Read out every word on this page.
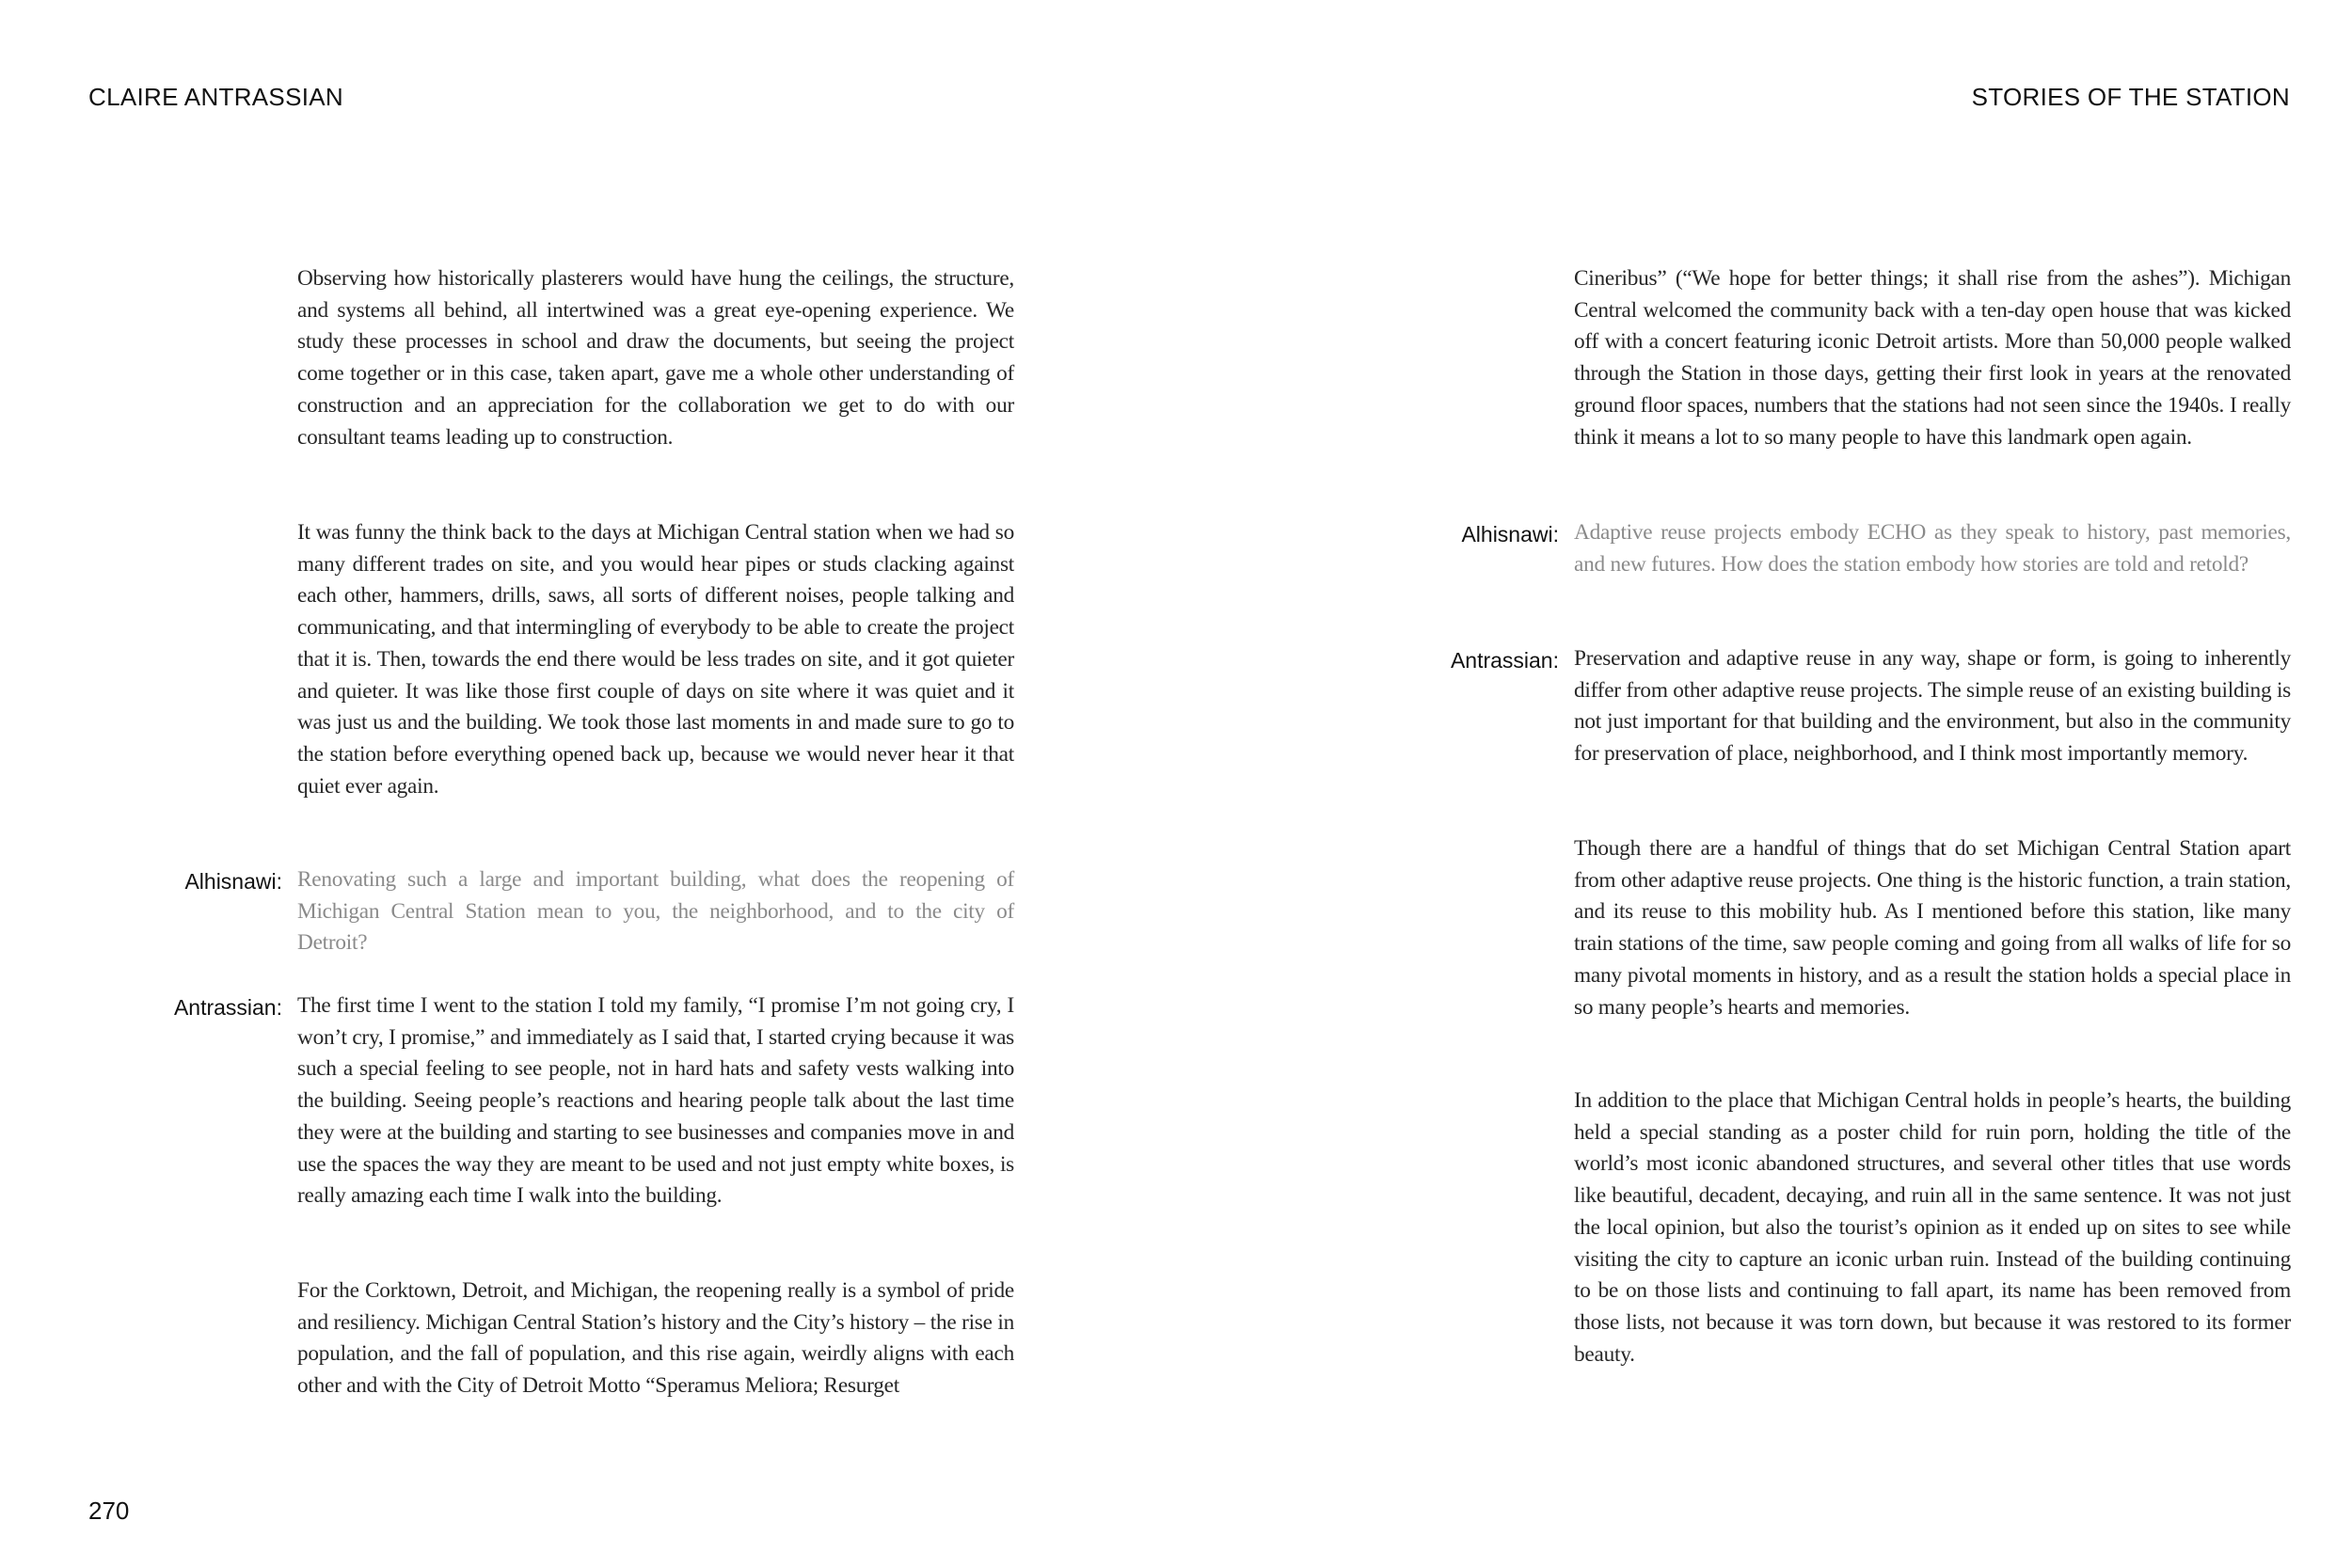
CLAIRE ANTRASSIAN	STORIES OF THE STATION

Observing how historically plasterers would have hung the ceilings, the structure, and systems all behind, all intertwined was a great eye-opening experience. We study these processes in school and draw the documents, but seeing the project come together or in this case, taken apart, gave me a whole other understanding of construction and an appreciation for the collaboration we get to do with our consultant teams leading up to construction.

It was funny the think back to the days at Michigan Central station when we had so many different trades on site, and you would hear pipes or studs clacking against each other, hammers, drills, saws, all sorts of different noises, people talking and communicating, and that intermingling of everybody to be able to create the project that it is. Then, towards the end there would be less trades on site, and it got quieter and quieter. It was like those first couple of days on site where it was quiet and it was just us and the building. We took those last moments in and made sure to go to the station before everything opened back up, because we would never hear it that quiet ever again.

Alhisnawi: Renovating such a large and important building, what does the reopening of Michigan Central Station mean to you, the neighborhood, and to the city of Detroit?

Antrassian: The first time I went to the station I told my family, “I promise I’m not going cry, I won’t cry, I promise,” and immediately as I said that, I started crying because it was such a special feeling to see people, not in hard hats and safety vests walking into the building. Seeing people’s reactions and hearing people talk about the last time they were at the building and starting to see businesses and companies move in and use the spaces the way they are meant to be used and not just empty white boxes, is really amazing each time I walk into the building.

For the Corktown, Detroit, and Michigan, the reopening really is a symbol of pride and resiliency. Michigan Central Station’s history and the City’s history – the rise in population, and the fall of population, and this rise again, weirdly aligns with each other and with the City of Detroit Motto “Speramus Meliora; Resurget

Cineribus” (“We hope for better things; it shall rise from the ashes”). Michigan Central welcomed the community back with a ten-day open house that was kicked off with a concert featuring iconic Detroit artists. More than 50,000 people walked through the Station in those days, getting their first look in years at the renovated ground floor spaces, numbers that the stations had not seen since the 1940s. I really think it means a lot to so many people to have this landmark open again.

Alhisnawi: Adaptive reuse projects embody ECHO as they speak to history, past memories, and new futures. How does the station embody how stories are told and retold?

Antrassian: Preservation and adaptive reuse in any way, shape or form, is going to inherently differ from other adaptive reuse projects. The simple reuse of an existing building is not just important for that building and the environment, but also in the community for preservation of place, neighborhood, and I think most importantly memory.

Though there are a handful of things that do set Michigan Central Station apart from other adaptive reuse projects. One thing is the historic function, a train station, and its reuse to this mobility hub. As I mentioned before this station, like many train stations of the time, saw people coming and going from all walks of life for so many pivotal moments in history, and as a result the station holds a special place in so many people’s hearts and memories.

In addition to the place that Michigan Central holds in people’s hearts, the building held a special standing as a poster child for ruin porn, holding the title of the world’s most iconic abandoned structures, and several other titles that use words like beautiful, decadent, decaying, and ruin all in the same sentence. It was not just the local opinion, but also the tourist’s opinion as it ended up on sites to see while visiting the city to capture an iconic urban ruin. Instead of the building continuing to be on those lists and continuing to fall apart, its name has been removed from those lists, not because it was torn down, but because it was restored to its former beauty.

270
